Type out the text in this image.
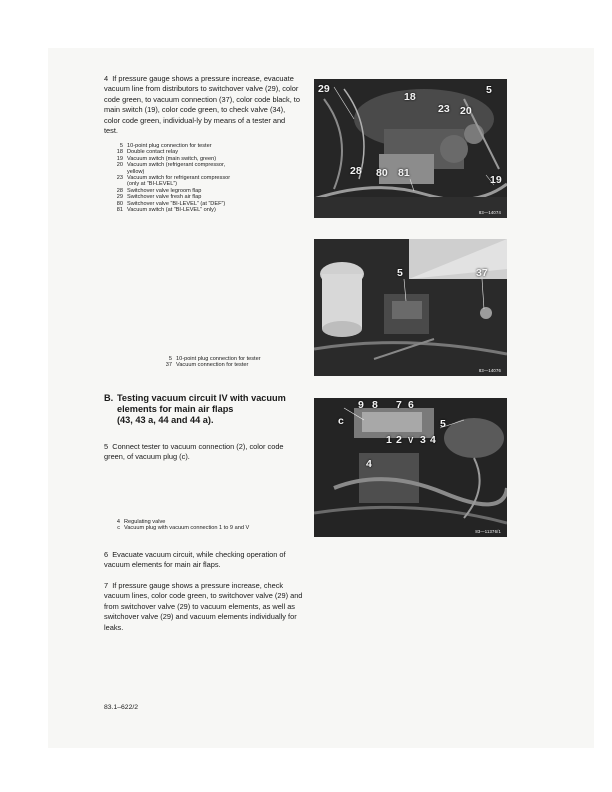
4 If pressure gauge shows a pressure increase, evacuate vacuum line from distributors to switchover valve (29), color code green, to vacuum connection (37), color code black, to main switch (19), color code green, to check valve (34), color code green, individual-ly by means of a tester and test.

5 10-point plug connection for tester
18 Double contact relay
19 Vacuum switch (main switch, green)
20 Vacuum switch (refrigerant compressor,
yellow)
23 Vacuum switch for refrigerant compressor
(only at “BI-LEVEL”)
28 Switchover valve legroom flap
29 Switchover valve fresh air flap
80 Switchover valve “BI-LEVEL” (at “DEF”)
81 Vacuum switch (at “BI-LEVEL” only)
29
18
23 20
5
28 80 81
19
83—14074
5	37
83—14076
5 10-point plug connection for tester
37 Vacuum connection for tester
B. Testing vacuum circuit IV with vacuum
elements for main air flaps
(43, 43 a, 44 and 44 a).

5 Connect tester to vacuum connection (2), color code green, of vacuum plug (c).

9 8 7 6
c	5
1 2 V 3 4
4
83—11376/1
4 Regulating valve
c Vacuum plug with vacuum connection 1 to 9 and V

6 Evacuate vacuum circuit, while checking operation of vacuum elements for main air flaps.

7 If pressure gauge shows a pressure increase, check vacuum lines, color code green, to switchover valve (29) and from switchover valve (29) to vacuum elements, as well as switchover valve (29) and vacuum elements individually for leaks.

83.1–622/2
